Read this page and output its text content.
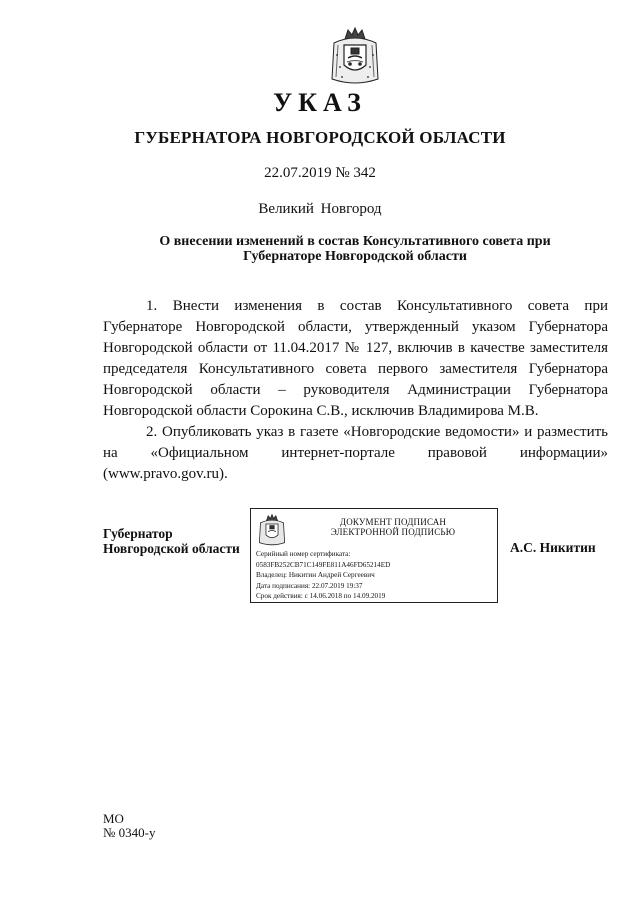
УКАЗ
ГУБЕРНАТОРА НОВГОРОДСКОЙ ОБЛАСТИ
22.07.2019 № 342
Великий Новгород
О внесении изменений в состав Консультативного совета при
Губернаторе Новгородской области

1. Внести изменения в состав Консультативного совета при Губернаторе Новгородской области, утвержденный указом Губернатора Новгородской области от 11.04.2017 № 127, включив в качестве заместителя председателя Консультативного совета первого заместителя Губернатора Новгородской области – руководителя Администрации Губернатора Новгородской области Сорокина С.В., исключив Владимирова М.В.

2. Опубликовать указ в газете «Новгородские ведомости» и разместить на «Официальном интернет-портале правовой информации» (www.pravo.gov.ru).

Губернатор
Новгородской области
ДОКУМЕНТ ПОДПИСАН
ЭЛЕКТРОННОЙ ПОДПИСЬЮ
Серийный номер сертификата:
0583FB252CB71C149FE811A46FD65214ED
Владелец: Никитин Андрей Сергеевич
Дата подписания: 22.07.2019 19:37
Срок действия: с 14.06.2018 по 14.09.2019
А.С. Никитин
МО
№ 0340-у
